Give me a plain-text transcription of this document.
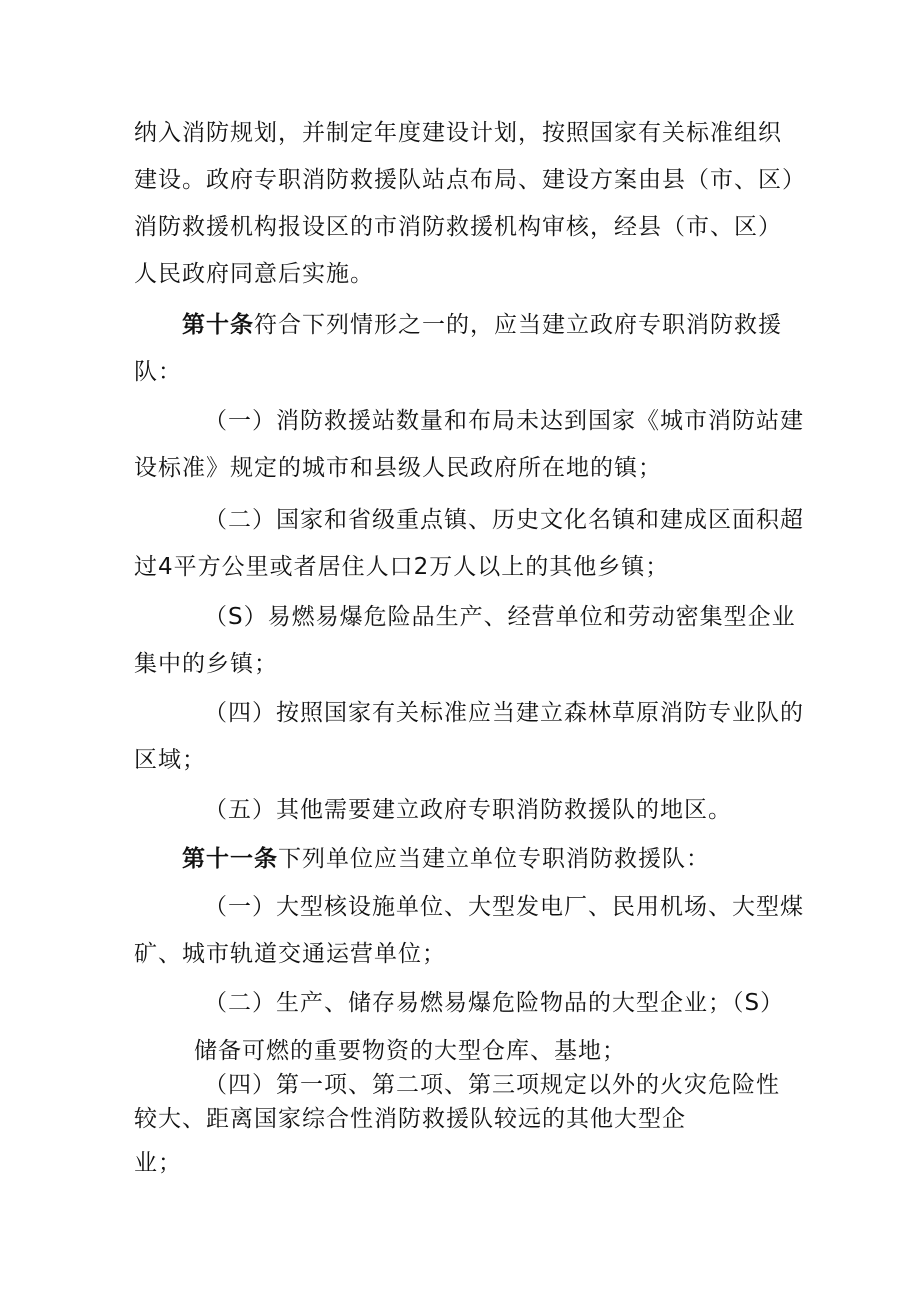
纳入消防规划，并制定年度建设计划，按照国家有关标准组织
建设。政府专职消防救援队站点布局、建设方案由县（市、区）
消防救援机构报设区的市消防救援机构审核，经县（市、区）
人民政府同意后实施。
第十条符合下列情形之一的，应当建立政府专职消防救援
队：
（一）消防救援站数量和布局未达到国家《城市消防站建
设标准》规定的城市和县级人民政府所在地的镇；
（二）国家和省级重点镇、历史文化名镇和建成区面积超
过4平方公里或者居住人口2万人以上的其他乡镇；
（S）易燃易爆危险品生产、经营单位和劳动密集型企业
集中的乡镇；
（四）按照国家有关标准应当建立森林草原消防专业队的
区域；
（五）其他需要建立政府专职消防救援队的地区。
第十一条下列单位应当建立单位专职消防救援队：
（一）大型核设施单位、大型发电厂、民用机场、大型煤
矿、城市轨道交通运营单位；
（二）生产、储存易燃易爆危险物品的大型企业；（S）
储备可燃的重要物资的大型仓库、基地；
（四）第一项、第二项、第三项规定以外的火灾危险性
较大、距离国家综合性消防救援队较远的其他大型企
业；
